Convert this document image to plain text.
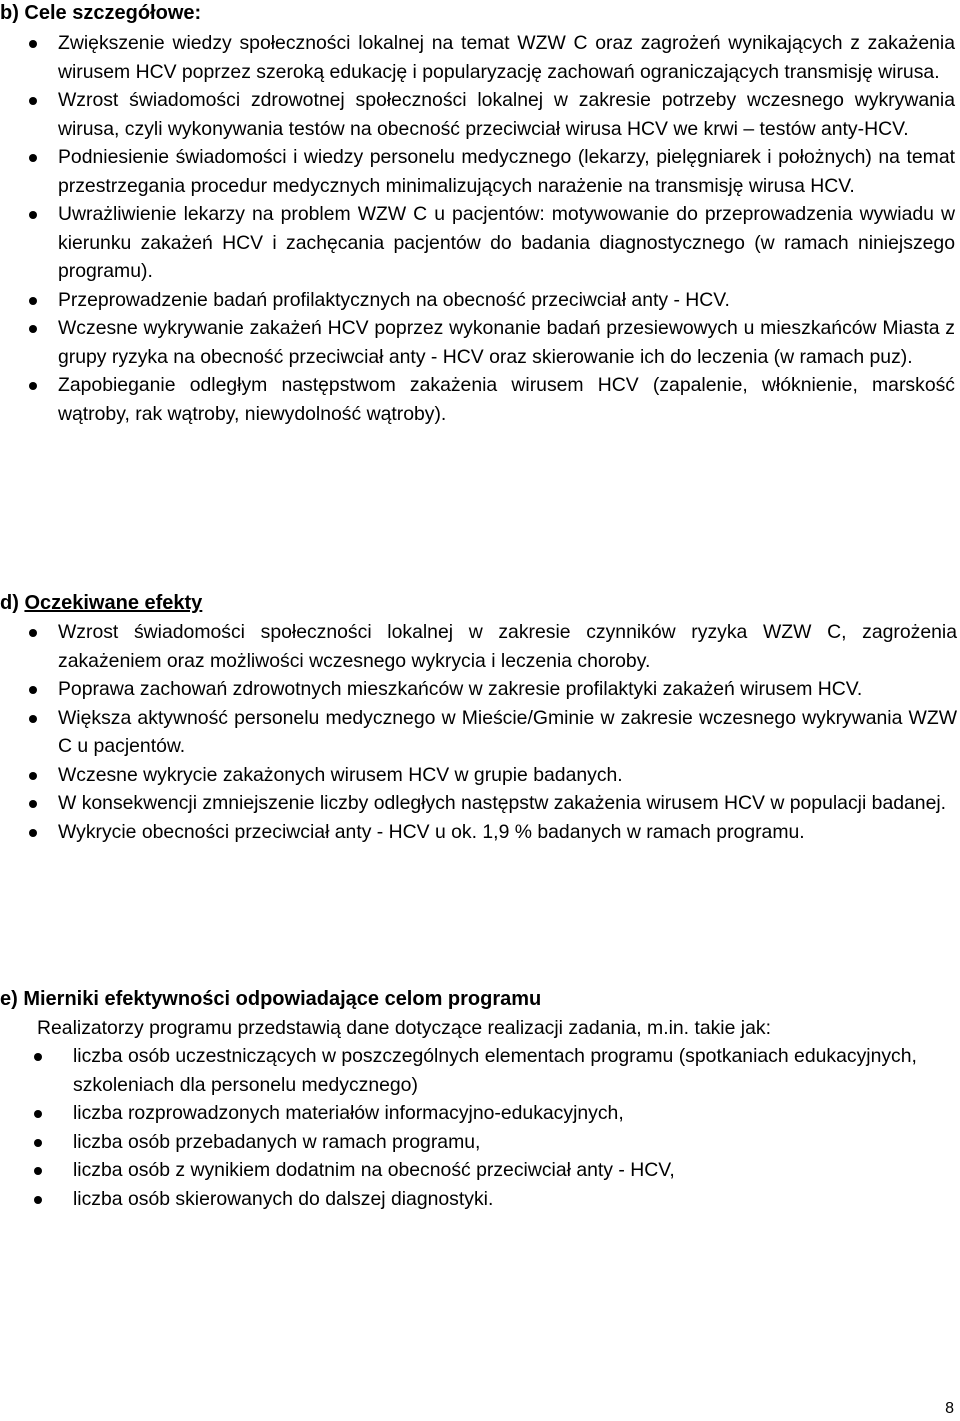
b) Cele szczegółowe:
Zwiększenie wiedzy społeczności lokalnej na temat WZW C oraz zagrożeń wynikających z zakażenia wirusem HCV poprzez szeroką edukację i popularyzację zachowań ograniczających transmisję wirusa.
Wzrost świadomości zdrowotnej społeczności lokalnej w zakresie potrzeby wczesnego wykrywania wirusa, czyli wykonywania testów na obecność przeciwciał wirusa HCV we krwi – testów anty-HCV.
Podniesienie świadomości i wiedzy personelu medycznego (lekarzy, pielęgniarek i położnych) na temat przestrzegania procedur medycznych minimalizujących narażenie na transmisję wirusa HCV.
Uwrażliwienie lekarzy na problem WZW C u pacjentów: motywowanie do przeprowadzenia wywiadu w kierunku zakażeń HCV i zachęcania pacjentów do badania diagnostycznego (w ramach niniejszego programu).
Przeprowadzenie badań profilaktycznych na obecność przeciwciał anty - HCV.
Wczesne wykrywanie zakażeń HCV poprzez wykonanie badań przesiewowych u mieszkańców Miasta z grupy ryzyka na obecność przeciwciał anty - HCV oraz skierowanie ich do leczenia (w ramach puz).
Zapobieganie odległym następstwom zakażenia wirusem HCV (zapalenie, włóknienie, marskość wątroby, rak wątroby, niewydolność wątroby).
d) Oczekiwane efekty
Wzrost świadomości społeczności lokalnej w zakresie czynników ryzyka WZW C, zagrożenia zakażeniem oraz możliwości wczesnego wykrycia i leczenia choroby.
Poprawa zachowań zdrowotnych mieszkańców w zakresie profilaktyki zakażeń wirusem HCV.
Większa aktywność personelu medycznego w Mieście/Gminie w zakresie wczesnego wykrywania WZW C u pacjentów.
Wczesne wykrycie zakażonych wirusem HCV w grupie badanych.
W konsekwencji zmniejszenie liczby odległych następstw zakażenia wirusem HCV w populacji badanej.
Wykrycie obecności przeciwciał anty - HCV u ok. 1,9 % badanych w ramach programu.
e) Mierniki efektywności odpowiadające celom programu
Realizatorzy programu przedstawią dane dotyczące realizacji zadania, m.in. takie jak:
liczba osób uczestniczących w poszczególnych elementach programu (spotkaniach edukacyjnych, szkoleniach dla personelu medycznego)
liczba rozprowadzonych materiałów informacyjno-edukacyjnych,
liczba osób przebadanych w ramach programu,
liczba osób z wynikiem dodatnim na obecność przeciwciał anty - HCV,
liczba osób skierowanych do dalszej diagnostyki.
8
